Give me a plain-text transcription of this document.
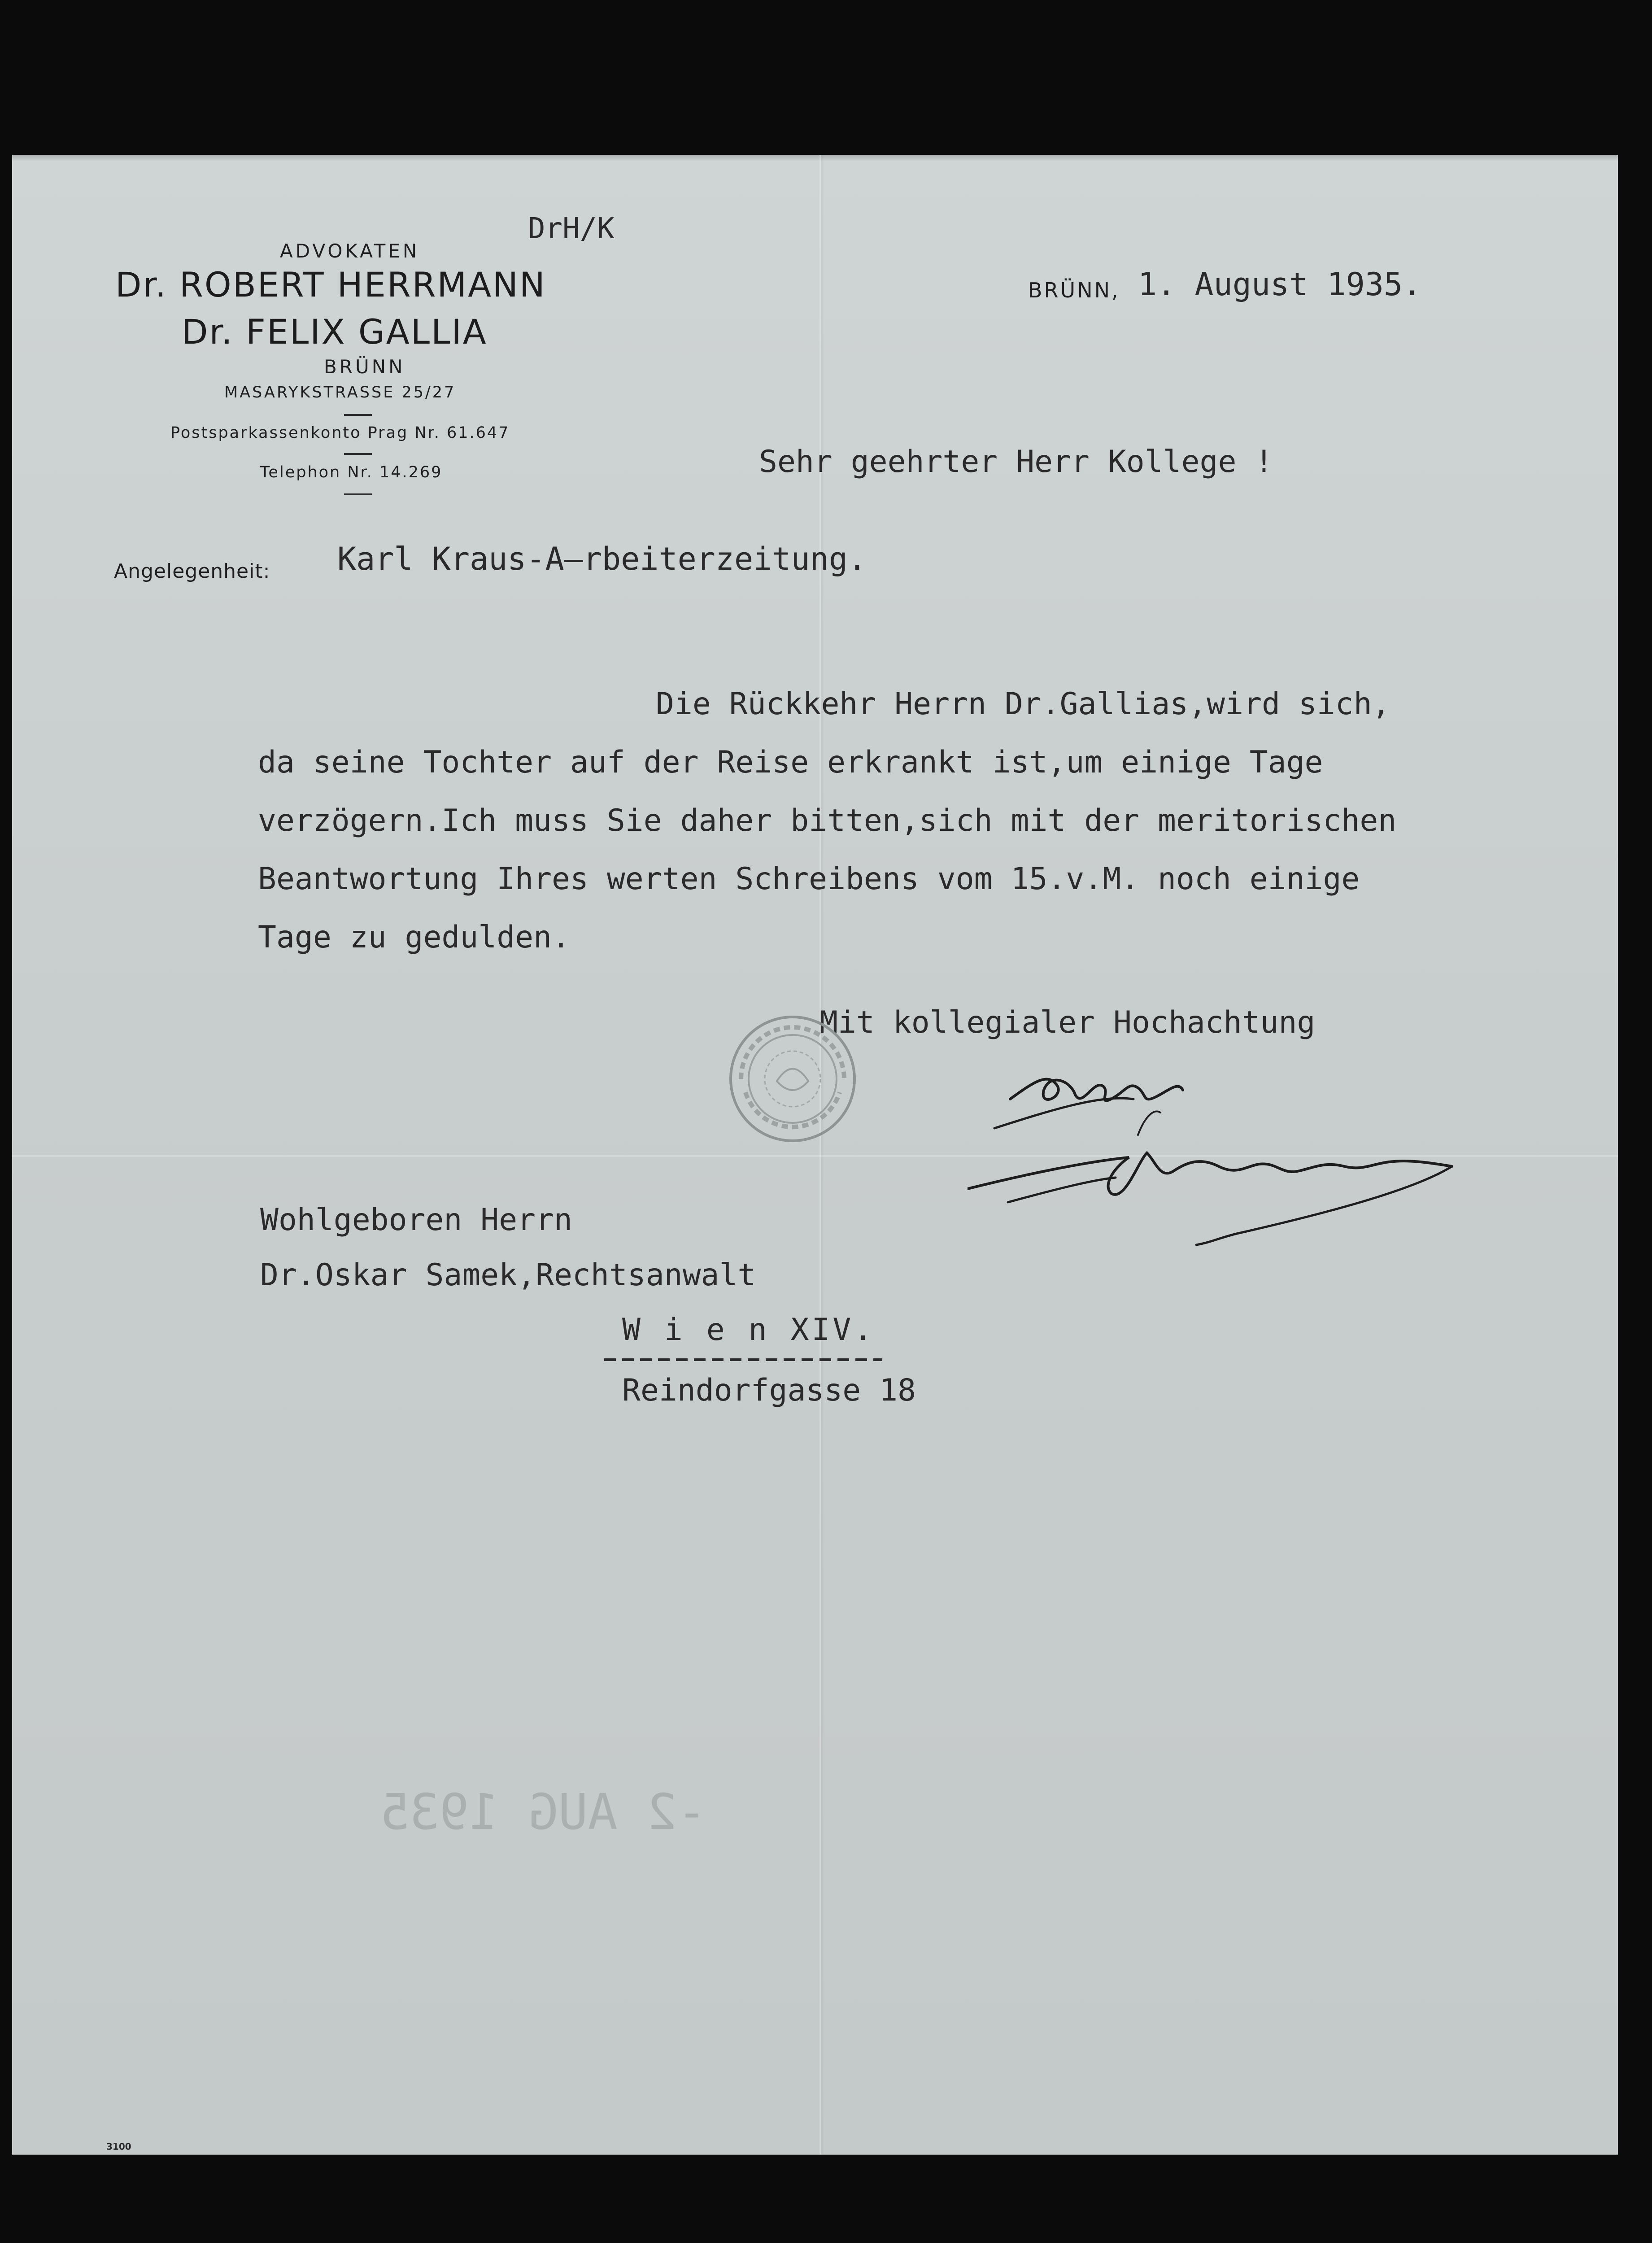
ADVOKATEN
Dr. ROBERT HERRMANN
Dr. FELIX GALLIA
BRÜNN
MASARYKSTRASSE 25/27
Postsparkassenkonto Prag Nr. 61.647
Telephon Nr. 14.269
DrH/K
BRÜNN, 1. August 1935.
Sehr geehrter Herr Kollege !
Angelegenheit: Karl Kraus-A—rbeiterzeitung.
Die Rückkehr Herrn Dr.Gallias,wird sich,
da seine Tochter auf der Reise erkrankt ist,um einige Tage
verzögern.Ich muss Sie daher bitten,sich mit der meritorischen
Beantwortung Ihres werten Schreibens vom 15.v.M. noch einige
Tage zu gedulden.
Mit kollegialer Hochachtung
Wohlgeboren Herrn
Dr.Oskar Samek,Rechtsanwalt
W i e n XIV.
Reindorfgasse 18
-2 AUG 1935
3100
